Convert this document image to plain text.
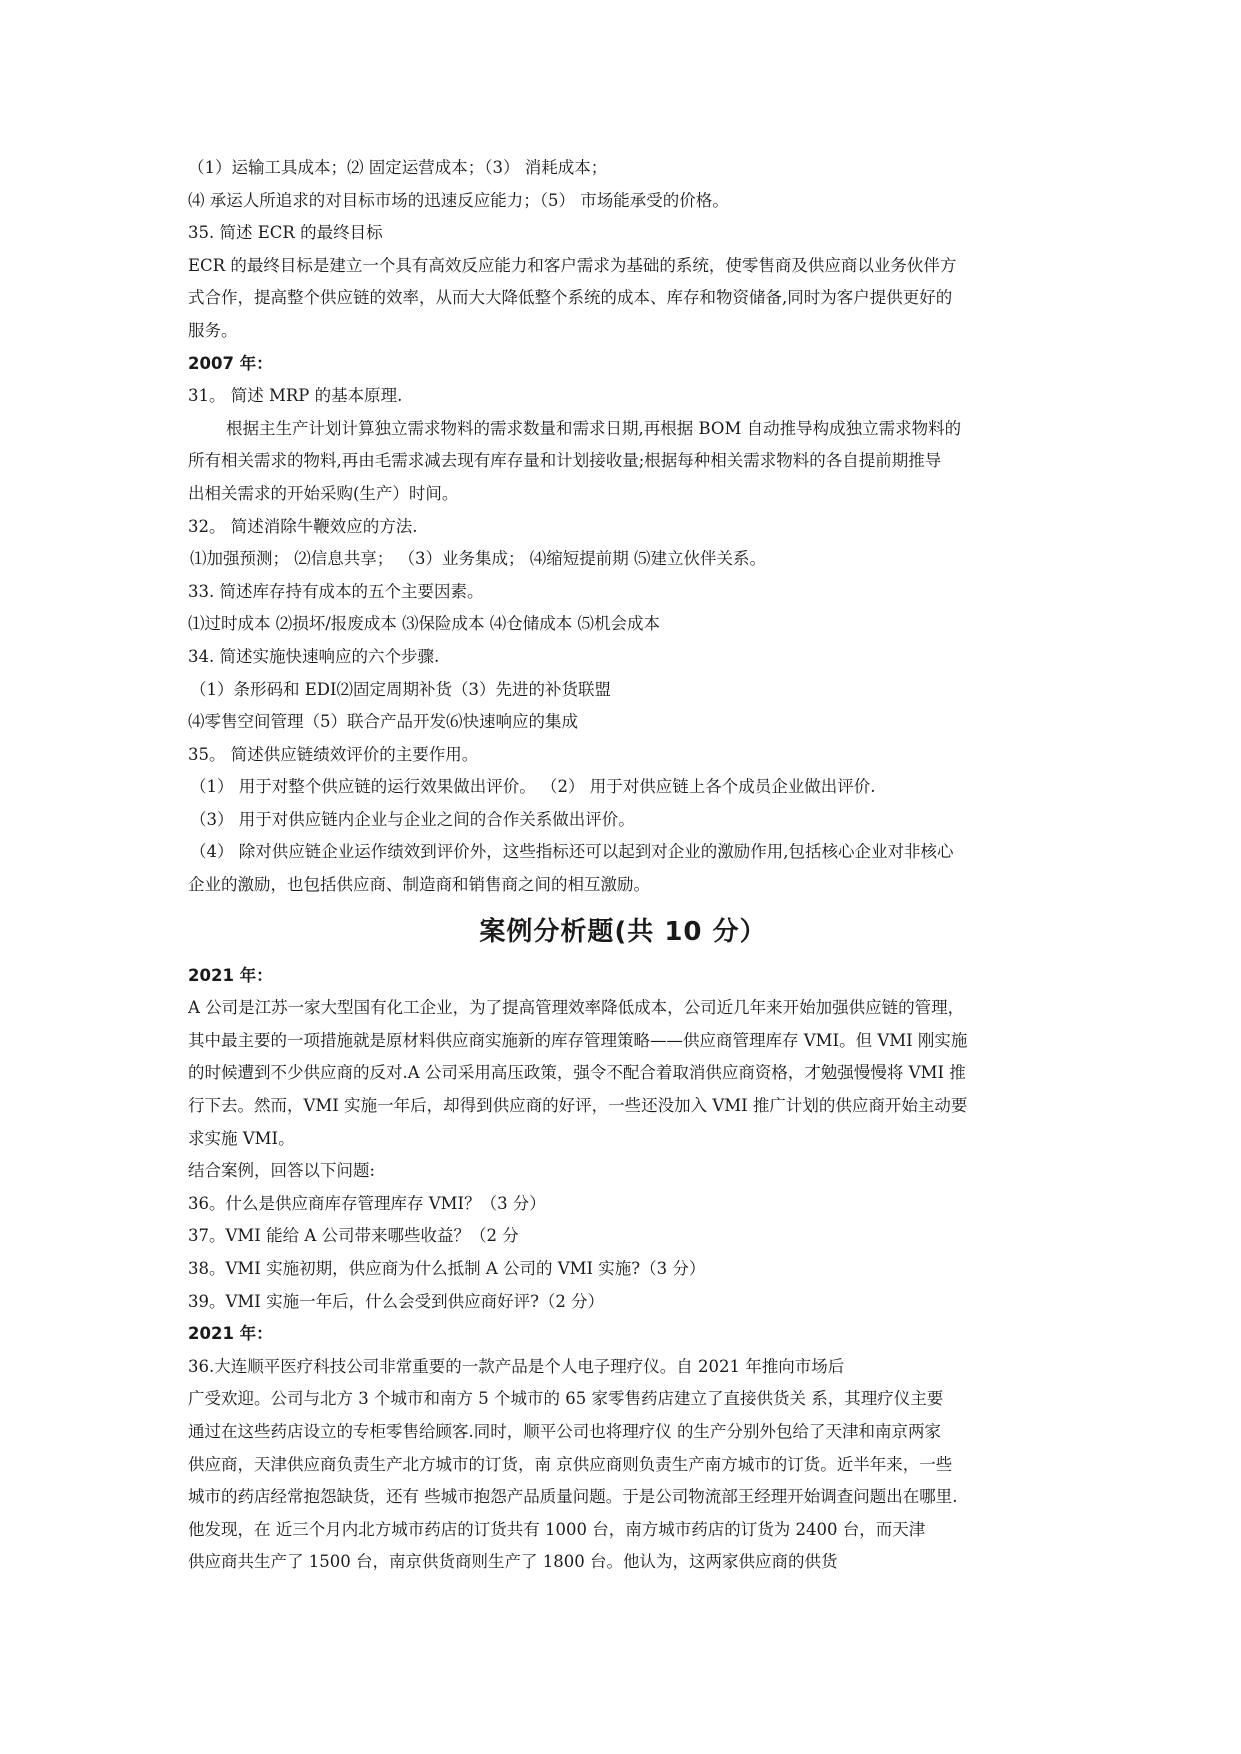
（1）运输工具成本；⑵ 固定运营成本；（3） 消耗成本；
⑷ 承运人所追求的对目标市场的迅速反应能力；（5） 市场能承受的价格。
35. 简述 ECR 的最终目标
ECR 的最终目标是建立一个具有高效反应能力和客户需求为基础的系统，使零售商及供应商以业务伙伴方
式合作，提高整个供应链的效率，从而大大降低整个系统的成本、库存和物资储备,同时为客户提供更好的
服务。
2007 年：
31。 简述 MRP 的基本原理.
根据主生产计划计算独立需求物料的需求数量和需求日期,再根据 BOM 自动推导构成独立需求物料的
所有相关需求的物料,再由毛需求减去现有库存量和计划接收量;根据每种相关需求物料的各自提前期推导
出相关需求的开始采购(生产）时间。
32。 简述消除牛鞭效应的方法.
⑴加强预测； ⑵信息共享； （3）业务集成； ⑷缩短提前期 ⑸建立伙伴关系。
33. 简述库存持有成本的五个主要因素。
⑴过时成本 ⑵损坏/报废成本 ⑶保险成本 ⑷仓储成本 ⑸机会成本
34. 简述实施快速响应的六个步骤.
（1）条形码和 EDI⑵固定周期补货（3）先进的补货联盟
⑷零售空间管理（5）联合产品开发⑹快速响应的集成
35。 简述供应链绩效评价的主要作用。
（1） 用于对整个供应链的运行效果做出评价。 （2） 用于对供应链上各个成员企业做出评价.
（3） 用于对供应链内企业与企业之间的合作关系做出评价。
（4） 除对供应链企业运作绩效到评价外，这些指标还可以起到对企业的激励作用,包括核心企业对非核心
企业的激励，也包括供应商、制造商和销售商之间的相互激励。
案例分析题(共 10 分）
2021 年：
A 公司是江苏一家大型国有化工企业，为了提高管理效率降低成本，公司近几年来开始加强供应链的管理，
其中最主要的一项措施就是原材料供应商实施新的库存管理策略——供应商管理库存 VMI。但 VMI 刚实施
的时候遭到不少供应商的反对.A 公司采用高压政策，强令不配合着取消供应商资格，才勉强慢慢将 VMI 推
行下去。然而，VMI 实施一年后，却得到供应商的好评，一些还没加入 VMI 推广计划的供应商开始主动要
求实施 VMI。
结合案例，回答以下问题:
36。什么是供应商库存管理库存 VMI？（3 分）
37。VMI 能给 A 公司带来哪些收益？（2 分
38。VMI 实施初期，供应商为什么抵制 A 公司的 VMI 实施?（3 分）
39。VMI 实施一年后，什么会受到供应商好评?（2 分）
2021 年：
36.大连顺平医疗科技公司非常重要的一款产品是个人电子理疗仪。自 2021 年推向市场后
广受欢迎。公司与北方 3 个城市和南方 5 个城市的 65 家零售药店建立了直接供货关 系，其理疗仪主要
通过在这些药店设立的专柜零售给顾客.同时，顺平公司也将理疗仪 的生产分别外包给了天津和南京两家
供应商，天津供应商负责生产北方城市的订货，南 京供应商则负责生产南方城市的订货。近半年来，一些
城市的药店经常抱怨缺货，还有 些城市抱怨产品质量问题。于是公司物流部王经理开始调查问题出在哪里.
他发现，在 近三个月内北方城市药店的订货共有 1000 台，南方城市药店的订货为 2400 台，而天津
供应商共生产了 1500 台，南京供货商则生产了 1800 台。他认为，这两家供应商的供货
